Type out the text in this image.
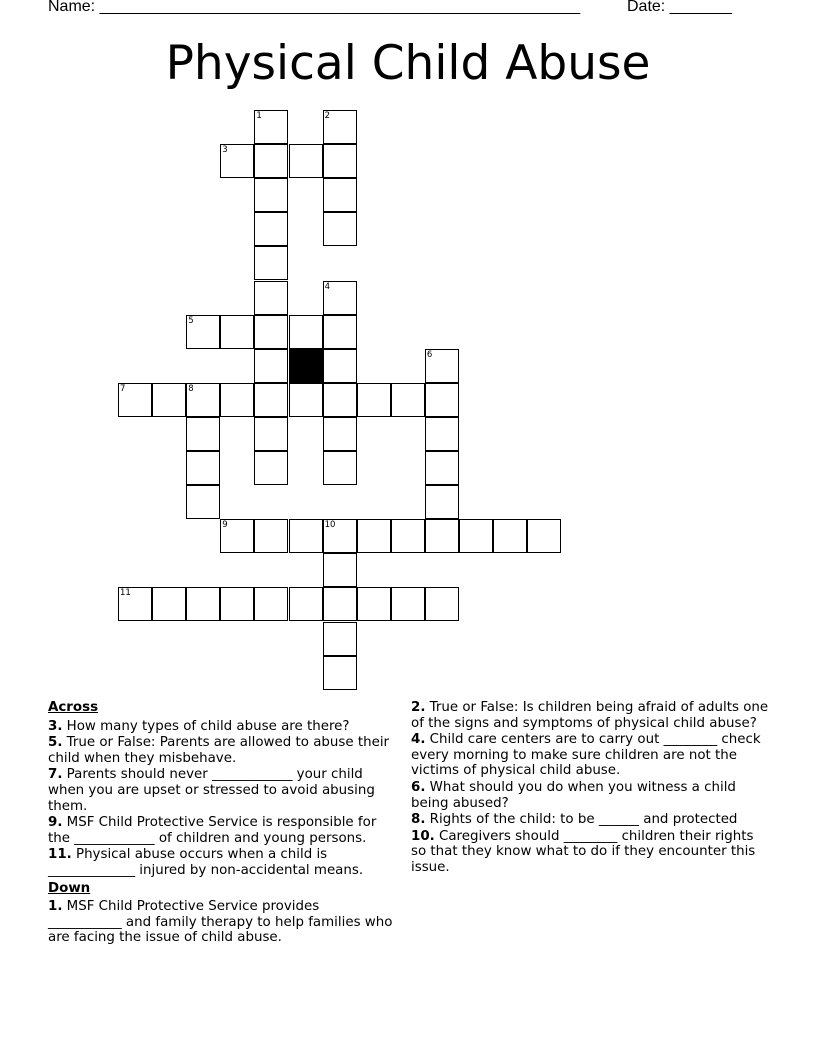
Name: ______________________________________________________

	Date: _______

Physical Child Abuse
1	2
3
4
5
6
7	8
9	10
11
Across
3. How many types of child abuse are there?
5. True or False: Parents are allowed to abuse their child when they misbehave.
7. Parents should never ____________ your child when you are upset or stressed to avoid abusing them.
9. MSF Child Protective Service is responsible for the ____________ of children and young persons.
11. Physical abuse occurs when a child is _____________ injured by non-accidental means.
Down
1. MSF Child Protective Service provides ___________ and family therapy to help families who are facing the issue of child abuse.
2. True or False: Is children being afraid of adults one of the signs and symptoms of physical child abuse?
4. Child care centers are to carry out ________ check every morning to make sure children are not the victims of physical child abuse.
6. What should you do when you witness a child being abused?
8. Rights of the child: to be ______ and protected
10. Caregivers should ________ children their rights so that they know what to do if they encounter this issue.
